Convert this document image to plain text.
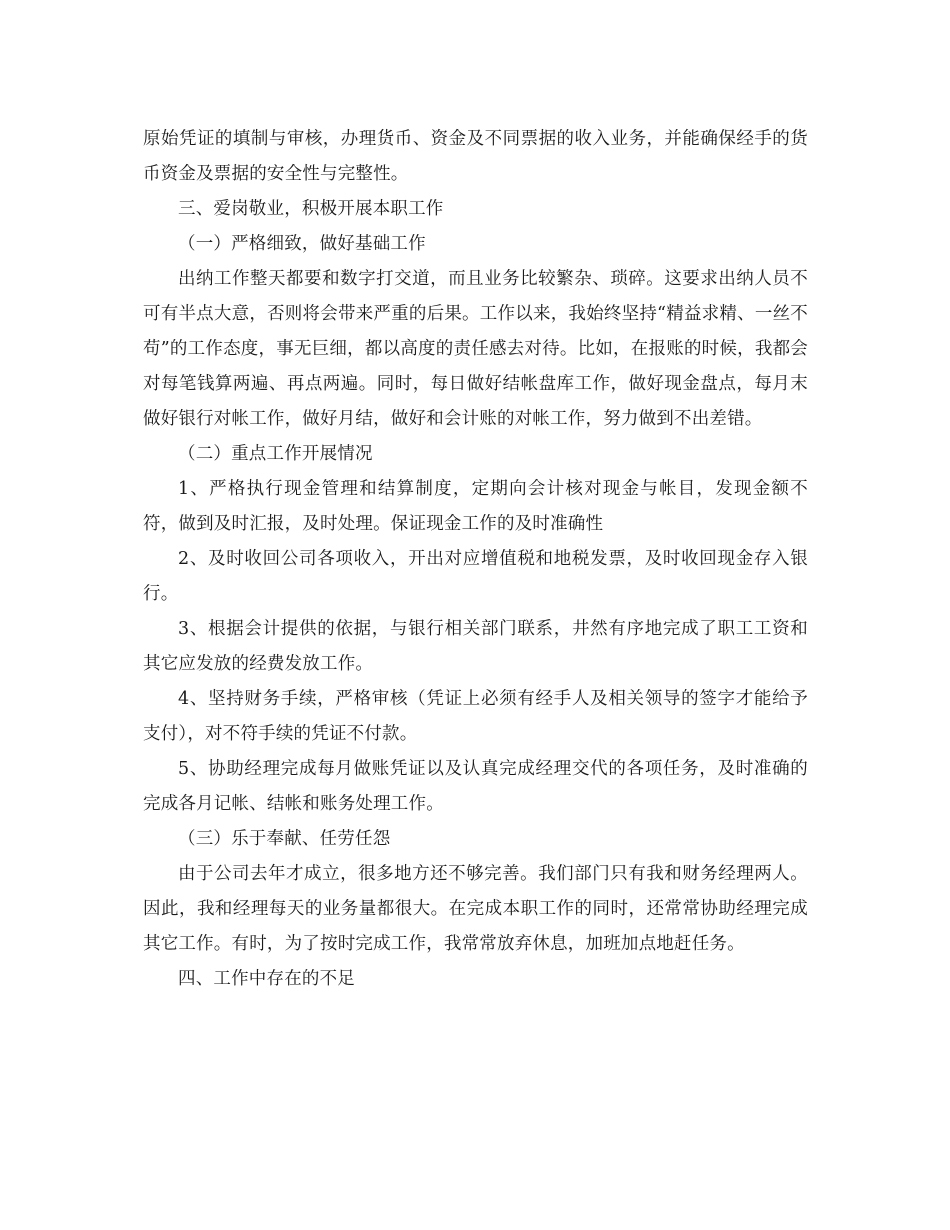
原始凭证的填制与审核，办理货币、资金及不同票据的收入业务，并能确保经手的货币资金及票据的安全性与完整性。

三、爱岗敬业，积极开展本职工作

（一）严格细致，做好基础工作

出纳工作整天都要和数字打交道，而且业务比较繁杂、琐碎。这要求出纳人员不可有半点大意，否则将会带来严重的后果。工作以来，我始终坚持“精益求精、一丝不苟”的工作态度，事无巨细，都以高度的责任感去对待。比如，在报账的时候，我都会对每笔钱算两遍、再点两遍。同时，每日做好结帐盘库工作，做好现金盘点，每月末做好银行对帐工作，做好月结，做好和会计账的对帐工作，努力做到不出差错。

（二）重点工作开展情况

1、严格执行现金管理和结算制度，定期向会计核对现金与帐目，发现金额不符，做到及时汇报，及时处理。保证现金工作的及时准确性

2、及时收回公司各项收入，开出对应增值税和地税发票，及时收回现金存入银行。

3、根据会计提供的依据，与银行相关部门联系，井然有序地完成了职工工资和其它应发放的经费发放工作。

4、坚持财务手续，严格审核（凭证上必须有经手人及相关领导的签字才能给予支付），对不符手续的凭证不付款。

5、协助经理完成每月做账凭证以及认真完成经理交代的各项任务，及时准确的完成各月记帐、结帐和账务处理工作。

（三）乐于奉献、任劳任怨

由于公司去年才成立，很多地方还不够完善。我们部门只有我和财务经理两人。因此，我和经理每天的业务量都很大。在完成本职工作的同时，还常常协助经理完成其它工作。有时，为了按时完成工作，我常常放弃休息，加班加点地赶任务。

四、工作中存在的不足
